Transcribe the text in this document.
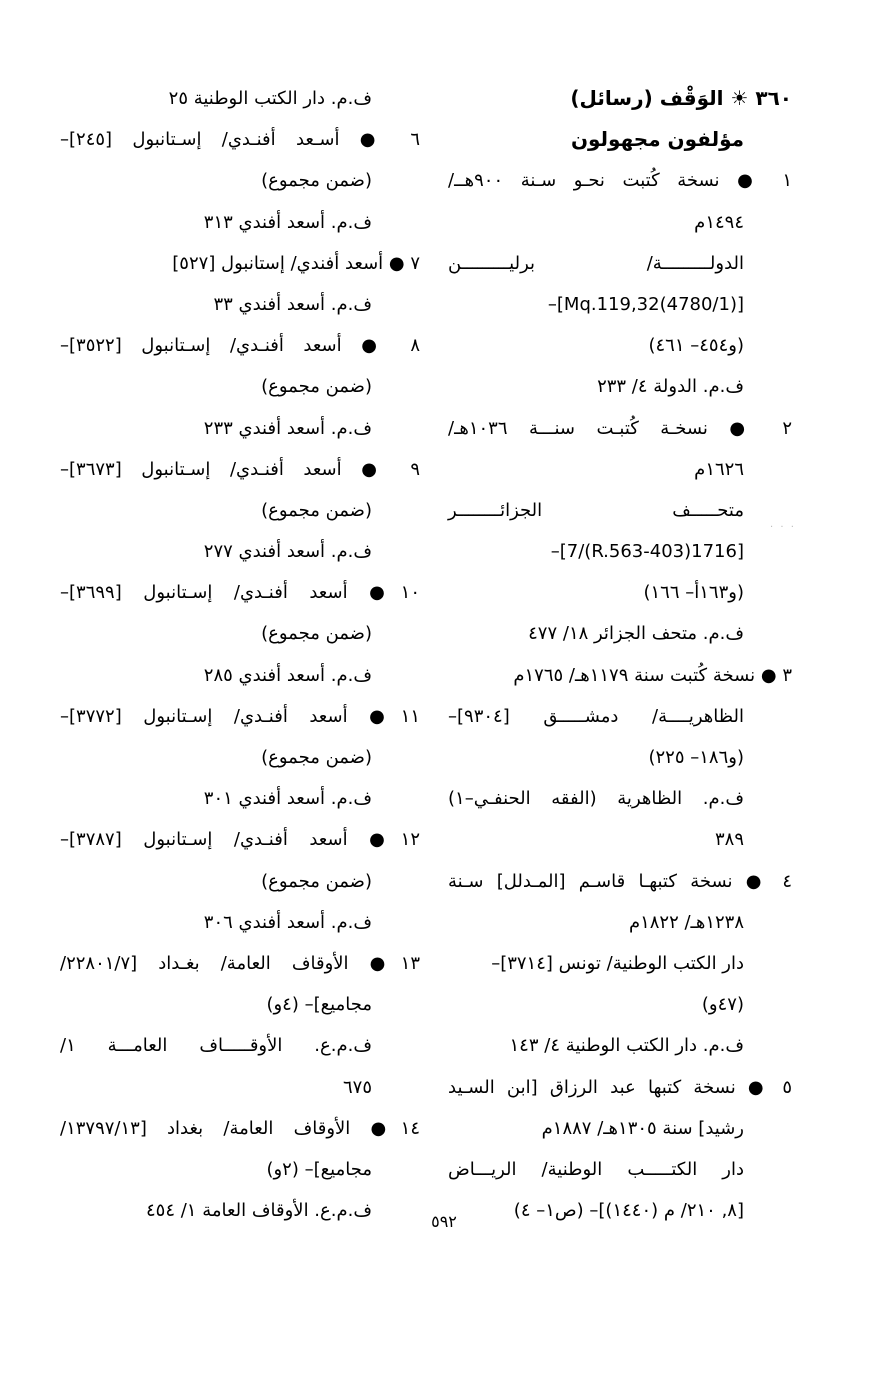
٣٦٠ ☀ الوَقْف (رسائل)
مؤلفون مجهولون
١ ● نسخة كُتبت نحـو سـنة ٩٠٠هــ/
١٤٩٤م
الدولـــــــــة/ برليـــــــــن
[(4780/1)Mq.119,32]–
(و٤٥٤– ٤٦١)
ف.م. الدولة ٤/ ٢٣٣
٢ ● نسخـة كُتبـت سنـــة ١٠٣٦هـ/
١٦٢٦م
متحـــــف الجزائــــــــر
[1716(403-R.563)/7]–
(و١٦٣أ– ١٦٦)
ف.م. متحف الجزائر ١٨/ ٤٧٧
٣ ● نسخة كُتبت سنة ١١٧٩هـ/ ١٧٦٥م
الظاهريــــة/ دمشـــــق [٩٣٠٤]–
(و١٨٦– ٢٢٥)
ف.م. الظاهرية (الفقه الحنفـي–١)
٣٨٩
٤ ● نسخة كتبهـا قاسـم [المـدلل] سـنة
١٢٣٨هـ/ ١٨٢٢م
دار الكتب الوطنية/ تونس [٣٧١٤]–
(٤٧و)
ف.م. دار الكتب الوطنية ٤/ ١٤٣
٥ ● نسخة كتبها عبد الرزاق [ابن السـيد
رشيد] سنة ١٣٠٥هـ/ ١٨٨٧م
دار الكتـــــب الوطنية/ الريـــاض
[٨, ٢١٠/ م (١٤٤٠)]– (ص١– ٤)
ف.م. دار الكتب الوطنية ٢٥
٦ ● أسـعد أفنـدي/ إسـتانبول [٢٤٥]–
(ضمن مجموع)
ف.م. أسعد أفندي ٣١٣
٧ ● أسعد أفندي/ إستانبول [٥٢٧]
ف.م. أسعد أفندي ٣٣
٨ ● أسعد أفنـدي/ إسـتانبول [٣٥٢٢]–
(ضمن مجموع)
ف.م. أسعد أفندي ٢٣٣
٩ ● أسعد أفنـدي/ إسـتانبول [٣٦٧٣]–
(ضمن مجموع)
ف.م. أسعد أفندي ٢٧٧
١٠● أسعد أفنـدي/ إسـتانبول [٣٦٩٩]–
(ضمن مجموع)
ف.م. أسعد أفندي ٢٨٥
١١● أسعد أفنـدي/ إسـتانبول [٣٧٧٢]–
(ضمن مجموع)
ف.م. أسعد أفندي ٣٠١
١٢● أسعد أفنـدي/ إسـتانبول [٣٧٨٧]–
(ضمن مجموع)
ف.م. أسعد أفندي ٣٠٦
١٣● الأوقاف العامة/ بغـداد [٢٢٨٠١/٧/
مجاميع]– (٤و)
ف.م.ع. الأوقـــــاف العامـــة ١/
٦٧٥
١٤● الأوقاف العامة/ بغداد [١٣٧٩٧/١٣/
مجاميع]– (٢و)
ف.م.ع. الأوقاف العامة ١/ ٤٥٤
· · ·
٥٩٢
